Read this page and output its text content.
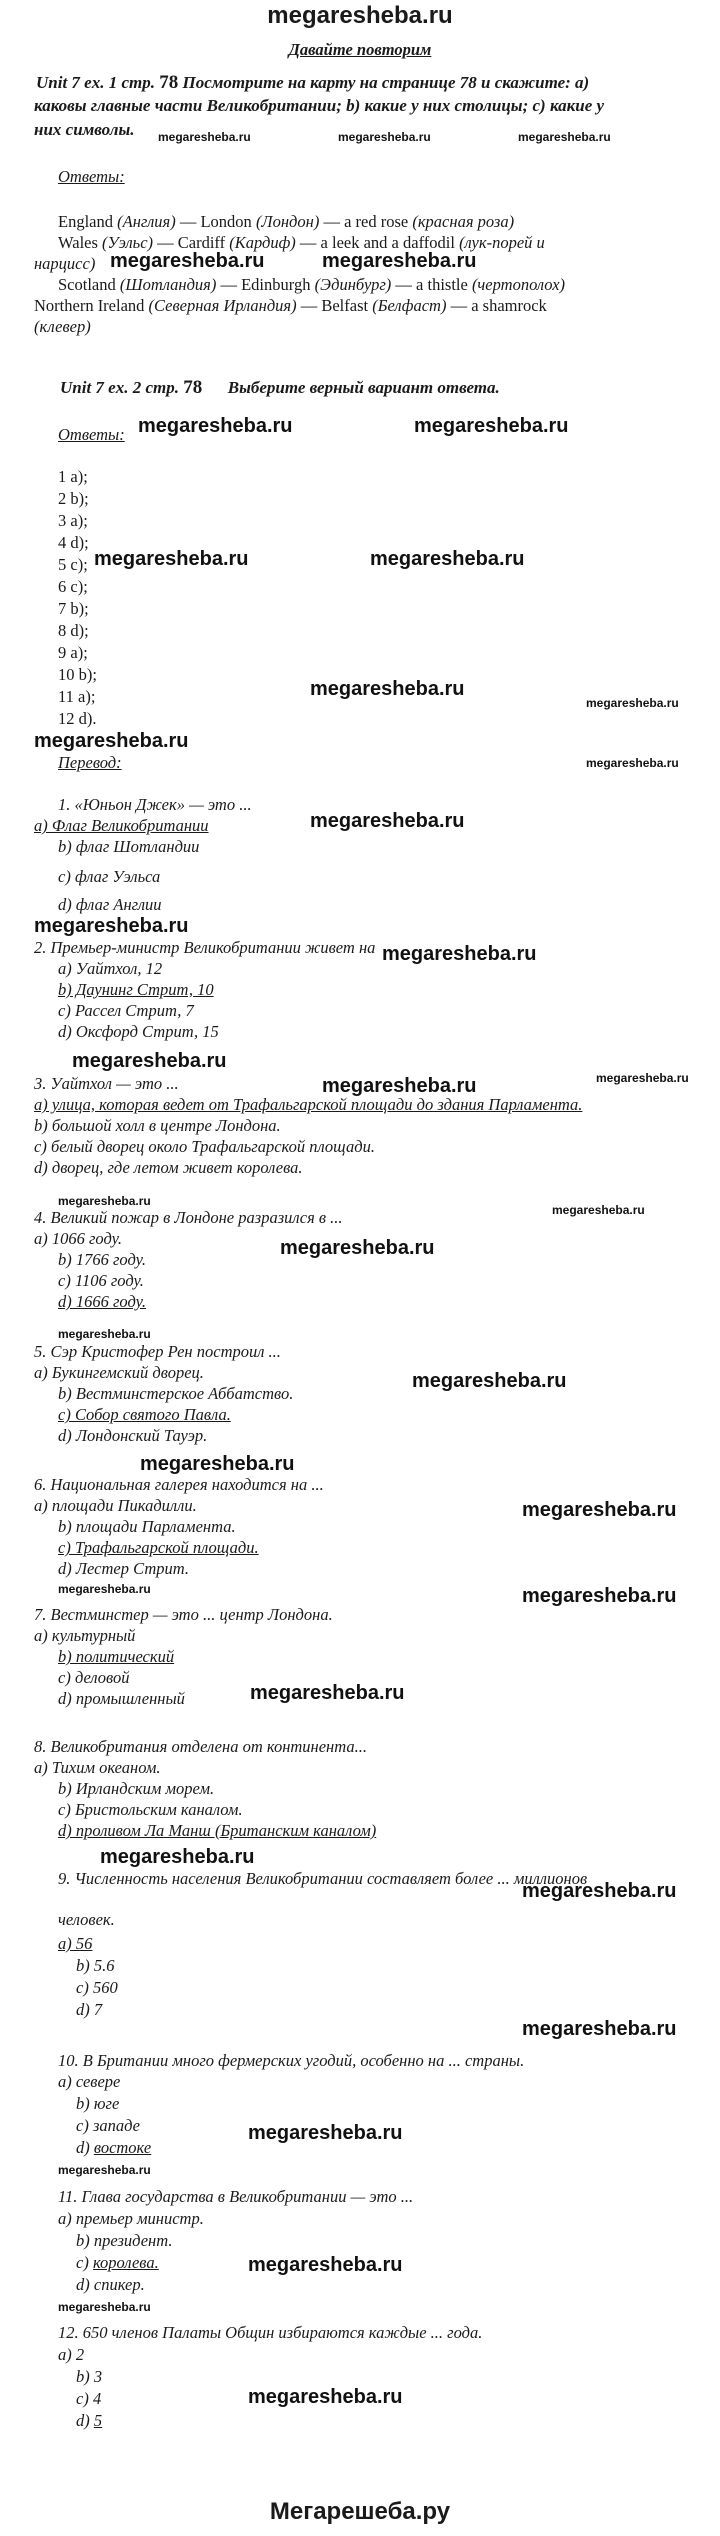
megaresheba.ru
Давайте повторим
Unit 7 ex. 1 стр. 78 Посмотрите на карту на странице 78 и скажите: a)
каковы главные части Великобритании; b) какие у них столицы; c) какие у
них символы.
Ответы:
England (Англия) — London (Лондон) — a red rose (красная роза)
Wales (Уэльс) — Cardiff (Кардиф) — a leek and a daffodil (лук-порей и
нарцисс)
Scotland (Шотландия) — Edinburgh (Эдинбург) — a thistle (чертополох)
Northern Ireland (Северная Ирландия) — Belfast (Белфаст) — a shamrock
(клевер)
Unit 7 ex. 2 стр. 78 Выберите верный вариант ответа.
Ответы:
1 a);
2 b);
3 a);
4 d);
5 c);
6 c);
7 b);
8 d);
9 a);
10 b);
11 a);
12 d).
Перевод:
1. «Юньон Джек» — это ...
a) Флаг Великобритании
b) флаг Шотландии
c) флаг Уэльса
d) флаг Англии
2. Премьер-министр Великобритании живет на
a) Уайтхол, 12
b) Даунинг Стрит, 10
c) Рассел Стрит, 7
d) Оксфорд Стрит, 15
3. Уайтхол — это ...
a) улица, которая ведет от Трафальгарской площади до здания Парламента.
b) большой холл в центре Лондона.
c) белый дворец около Трафальгарской площади.
d) дворец, где летом живет королева.
4. Великий пожар в Лондоне разразился в ...
a) 1066 году.
b) 1766 году.
c) 1106 году.
d) 1666 году.
5. Сэр Кристофер Рен построил ...
a) Букингемский дворец.
b) Вестминстерское Аббатство.
c) Собор святого Павла.
d) Лондонский Тауэр.
6. Национальная галерея находится на ...
a) площади Пикадилли.
b) площади Парламента.
c) Трафальгарской площади.
d) Лестер Стрит.
7. Вестминстер — это ... центр Лондона.
a) культурный
b) политический
c) деловой
d) промышленный
8. Великобритания отделена от континента...
a) Тихим океаном.
b) Ирландским морем.
c) Бристольским каналом.
d) проливом Ла Манш (Британским каналом)
9. Численность населения Великобритании составляет более ... миллионов
человек.
a) 56
b) 5.6
c) 560
d) 7
10. В Британии много фермерских угодий, особенно на ... страны.
a) севере
b) юге
c) западе
d) востоке
11. Глава государства в Великобритании — это ...
a) премьер министр.
b) президент.
c) королева.
d) спикер.
12. 650 членов Палаты Общин избираются каждые ... года.
a) 2
b) 3
c) 4
d) 5
megaresheba.ru	megaresheba.ru	megaresheba.ru
megaresheba.ru	megaresheba.ru
megaresheba.ru	megaresheba.ru
megaresheba.ru	megaresheba.ru
megaresheba.ru
megaresheba.ru
megaresheba.ru
megaresheba.ru
megaresheba.ru
megaresheba.ru
megaresheba.ru
megaresheba.ru
megaresheba.ru	megaresheba.ru
megaresheba.ru
megaresheba.ru
megaresheba.ru
megaresheba.ru
megaresheba.ru
megaresheba.ru
megaresheba.ru
megaresheba.ru	megaresheba.ru
megaresheba.ru
megaresheba.ru
megaresheba.ru
megaresheba.ru
megaresheba.ru
megaresheba.ru
megaresheba.ru
megaresheba.ru
megaresheba.ru
Мегарешеба.ру
